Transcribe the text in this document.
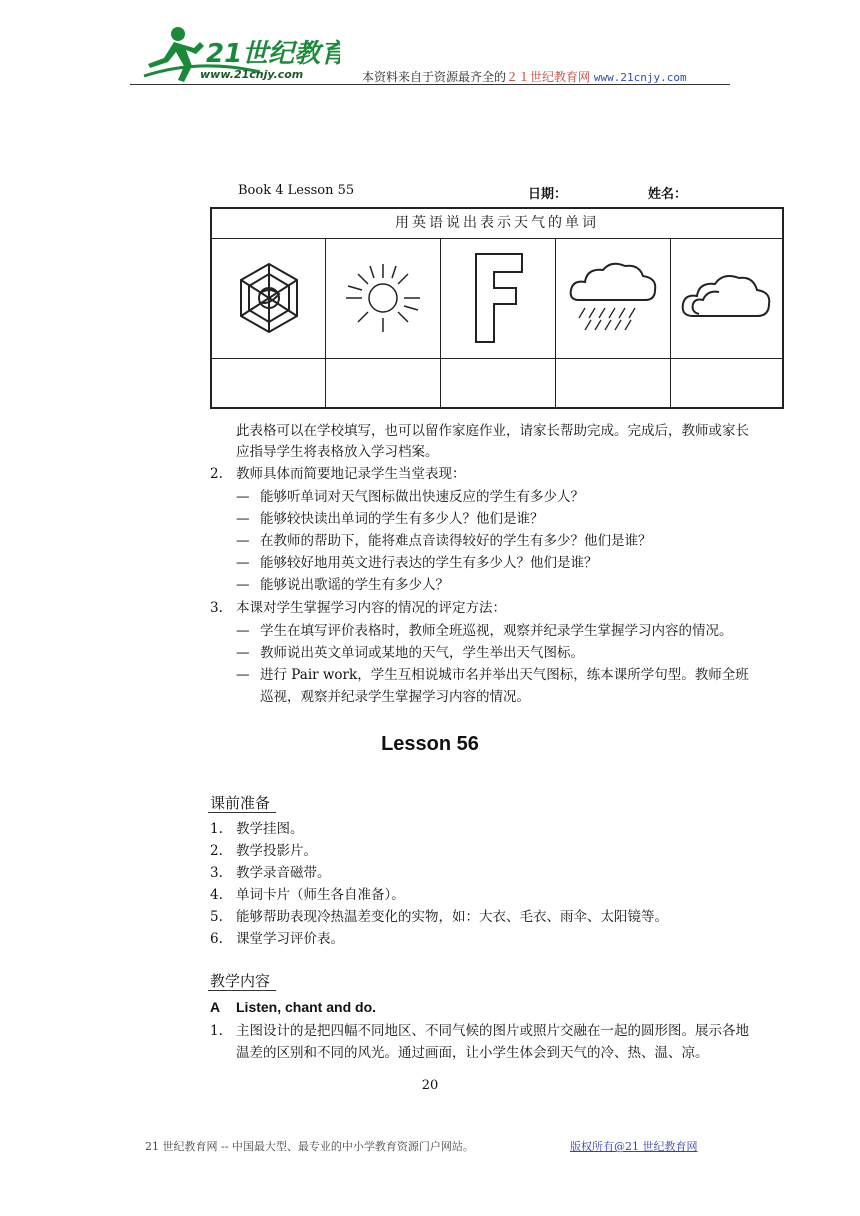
21世纪教育
www.21cnjy.com	本资料来自于资源最齐全的２１世纪教育网 www.21cnjy.com
Book 4 Lesson 55	日期：	姓名：
用英语说出表示天气的单词
此表格可以在学校填写，也可以留作家庭作业，请家长帮助完成。完成后，教师或家长
应指导学生将表格放入学习档案。
2. 教师具体而简要地记录学生当堂表现：
— 能够听单词对天气图标做出快速反应的学生有多少人？
— 能够较快读出单词的学生有多少人？他们是谁？
— 在教师的帮助下，能将难点音读得较好的学生有多少？他们是谁？
— 能够较好地用英文进行表达的学生有多少人？他们是谁？
— 能够说出歌谣的学生有多少人？
3. 本课对学生掌握学习内容的情况的评定方法：
— 学生在填写评价表格时，教师全班巡视，观察并纪录学生掌握学习内容的情况。
— 教师说出英文单词或某地的天气，学生举出天气图标。
— 进行 Pair work，学生互相说城市名并举出天气图标，练本课所学句型。教师全班
巡视，观察并纪录学生掌握学习内容的情况。
Lesson 56
课前准备
1. 教学挂图。
2. 教学投影片。
3. 教学录音磁带。
4. 单词卡片（师生各自准备）。
5. 能够帮助表现冷热温差变化的实物，如：大衣、毛衣、雨伞、太阳镜等。
6. 课堂学习评价表。
教学内容
A Listen, chant and do.
1. 主图设计的是把四幅不同地区、不同气候的图片或照片交融在一起的圆形图。展示各地
温差的区别和不同的风光。通过画面，让小学生体会到天气的冷、热、温、凉。
20
21 世纪教育网 -- 中国最大型、最专业的中小学教育资源门户网站。	版权所有@21 世纪教育网
